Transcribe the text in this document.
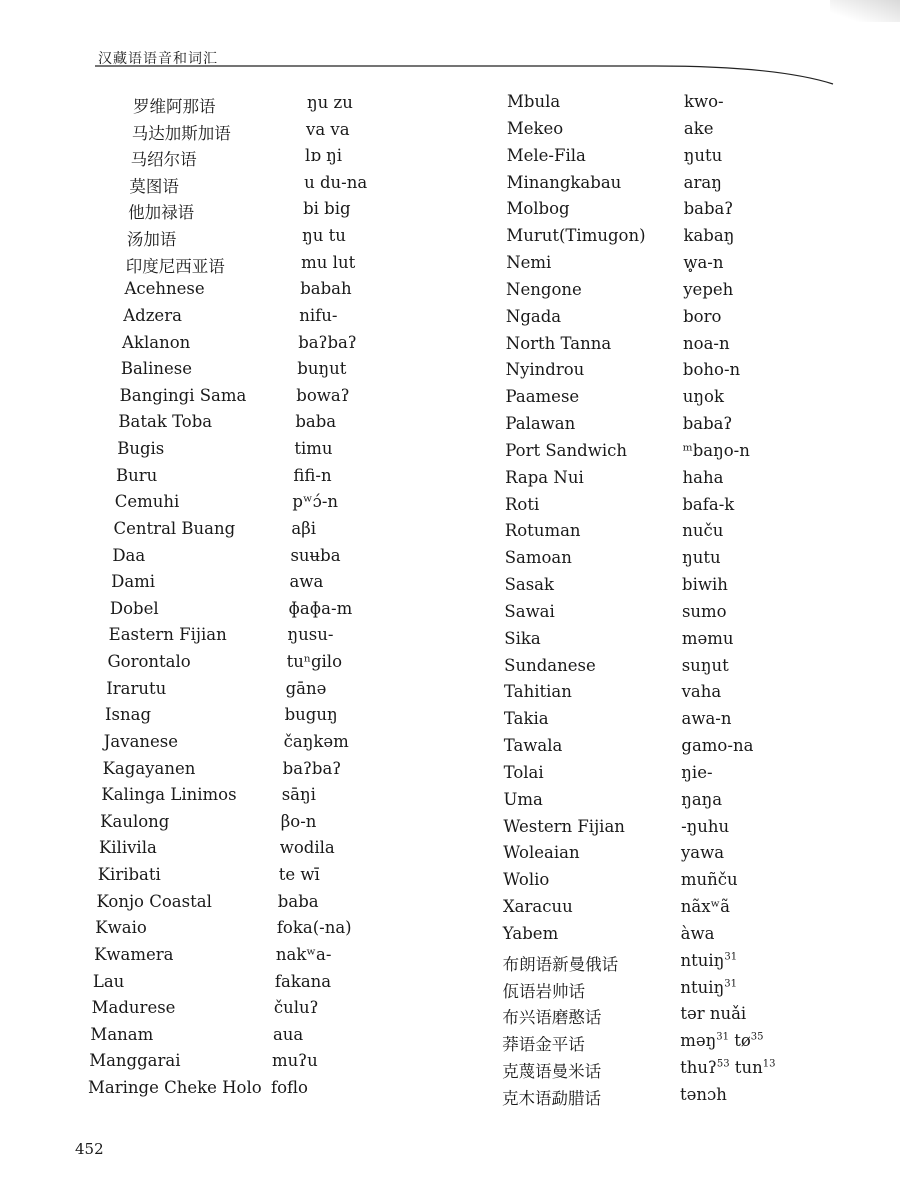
汉藏语语音和词汇
罗维阿那语	ŋu zu
马达加斯加语	va va
马绍尔语	lɒ ŋi
莫图语	u du-na
他加禄语	bi big
汤加语	ŋu tu
印度尼西亚语	mu lut
Acehnese	babah
Adzera	nifu-
Aklanon	baʔbaʔ
Balinese	buŋut
Bangingi Sama	bowaʔ
Batak Toba	baba
Bugis	timu
Buru	fifi-n
Cemuhi	pʷɔ́-n
Central Buang	aβi
Daa	suʉba
Dami	awa
Dobel	ɸaɸa-m
Eastern Fijian	ŋusu-
Gorontalo	tuⁿgilo
Irarutu	gānə
Isnag	buguŋ
Javanese	čaŋkəm
Kagayanen	baʔbaʔ
Kalinga Linimos	sāŋi
Kaulong	βo-n
Kilivila	wodila
Kiribati	te wī
Konjo Coastal	baba
Kwaio	foka(-na)
Kwamera	nakʷa-
Lau	fakana
Madurese	čuluʔ
Manam	aua
Manggarai	muʔu
Maringe Cheke Holo foflo
Mbula	kwo-
Mekeo	ake
Mele-Fila	ŋutu
Minangkabau	araŋ
Molbog	babaʔ
Murut(Timugon) kabaŋ
Nemi	w̥a-n
Nengone	yepeh
Ngada	boro
North Tanna	noa-n
Nyindrou	boho-n
Paamese	uŋok
Palawan	babaʔ
Port Sandwich	ᵐbaŋo-n
Rapa Nui	haha
Roti	bafa-k
Rotuman	nuču
Samoan	ŋutu
Sasak	biwih
Sawai	sumo
Sika	məmu
Sundanese	suŋut
Tahitian	vaha
Takia	awa-n
Tawala	gamo-na
Tolai	ŋie-
Uma	ŋaŋa
Western Fijian	-ŋuhu
Woleaian	yawa
Wolio	muñču
Xaracuu	nãxʷã
Yabem	àwa
布朗语新曼俄话	ntuiŋ$^{31}$
佤语岩帅话	ntuiŋ$^{31}$
布兴语磨憨话	tər nuǎi
莽语金平话	məŋ$^{31}$ $tø^{35}$
克蔑语曼米话	thuʔ$^{53}$ tun$^{13}$
克木语勐腊话	tənɔh
452
